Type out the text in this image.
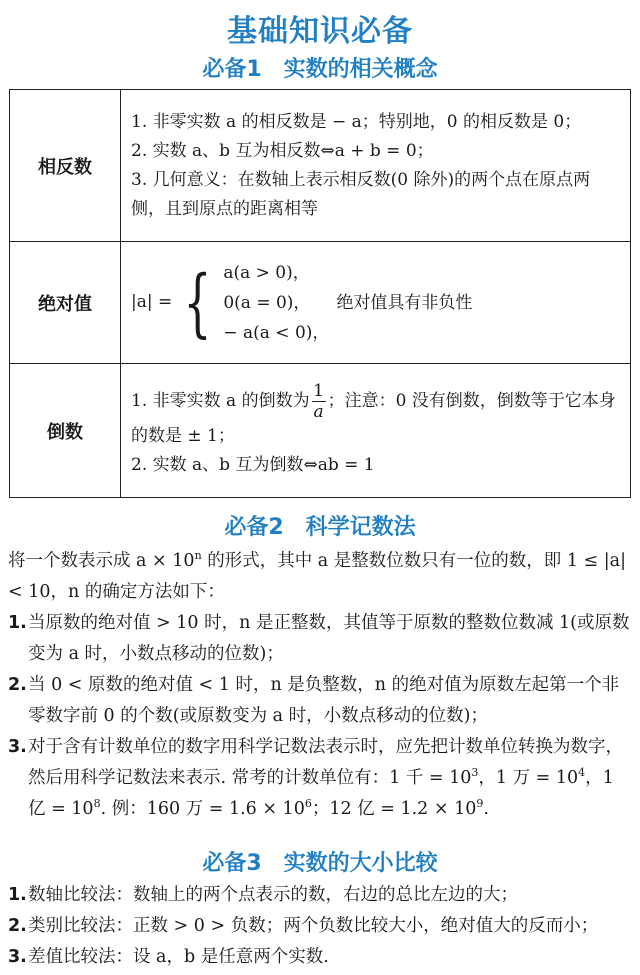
基础知识必备
必备1 实数的相关概念
相反数	1. 非零实数 a 的相反数是 − a；特别地，0 的相反数是 0；
2. 实数 a、b 互为相反数⇔a + b = 0；
3. 几何意义：在数轴上表示相反数(0 除外)的两个点在原点两侧，且到原点的距离相等

绝对值	|a| = { a(a > 0)，
0(a = 0)， 绝对值具有非负性
− a(a < 0)，

倒数	1. 非零实数 a 的倒数为 $\frac{1}{a}$ ；注意：0 没有倒数，倒数等于它本身的数是 ± 1；
2. 实数 a、b 互为倒数⇔ab = 1
必备2 科学记数法
将一个数表示成 $a \times 10^n$ 的形式，其中 a 是整数位数只有一位的数，即 1 ≤ |a| < 10，n 的确定方法如下：
1. 当原数的绝对值 > 10 时，n 是正整数，其值等于原数的整数位数减 1(或原数变为 a 时，小数点移动的位数)；
2. 当 0 < 原数的绝对值 < 1 时，n 是负整数，n 的绝对值为原数左起第一个非零数字前 0 的个数(或原数变为 a 时，小数点移动的位数)；
3. 对于含有计数单位的数字用科学记数法表示时，应先把计数单位转换为数字，然后用科学记数法来表示. 常考的计数单位有：1 千 = $10^3$，1 万 = $10^4$，1 亿 = $10^8$. 例：160 万 = $1.6 \times 10^6$；12 亿 = $1.2 \times 10^9$.
必备3 实数的大小比较
1. 数轴比较法：数轴上的两个点表示的数，右边的总比左边的大；
2. 类别比较法：正数 > 0 > 负数；两个负数比较大小，绝对值大的反而小；
3. 差值比较法：设 a，b 是任意两个实数.
